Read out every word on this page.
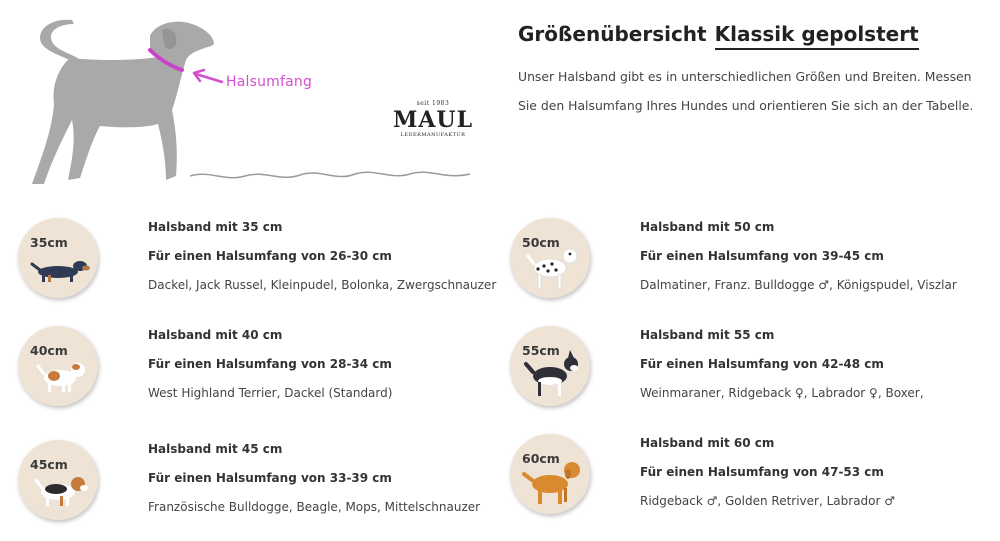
Halsumfang
seit 1983
MAUL
LEDERMANUFAKTUR
Größenübersicht Klassik gepolstert
Unser Halsband gibt es in unterschiedlichen Größen und Breiten. Messen Sie den Halsumfang Ihres Hundes und orientieren Sie sich an der Tabelle.
35cm
Halsband mit 35 cm
Für einen Halsumfang von 26-30 cm
Dackel, Jack Russel, Kleinpudel, Bolonka, Zwergschnauzer
40cm
Halsband mit 40 cm
Für einen Halsumfang von 28-34 cm
West Highland Terrier, Dackel (Standard)
45cm
Halsband mit 45 cm
Für einen Halsumfang von 33-39 cm
Französische Bulldogge, Beagle, Mops, Mittelschnauzer
50cm
Halsband mit 50 cm
Für einen Halsumfang von 39-45 cm
Dalmatiner, Franz. Bulldogge ♂, Königspudel, Viszlar
55cm
Halsband mit 55 cm
Für einen Halsumfang von 42-48 cm
Weinmaraner, Ridgeback ♀, Labrador ♀, Boxer,
60cm
Halsband mit 60 cm
Für einen Halsumfang von 47-53 cm
Ridgeback ♂, Golden Retriver, Labrador ♂
